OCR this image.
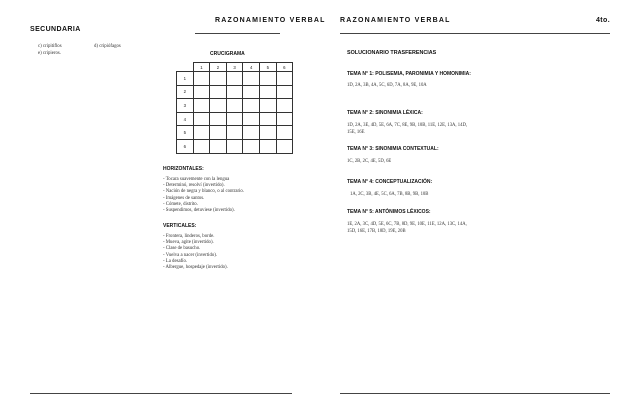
RAZONAMIENTO VERBAL
SECUNDARIA
c) cripitiflos	d) cripiófagos
e) cripieros.	CRUCIGRAMA
	1	2	3	4	5	6
1						
2						
3						
4						
5						
6						
HORIZONTALES:
- Tocara suavemente con la lengua
- Determinó, resolví (invertido).
- Nación de negra y blanco, o al contrario.
- Imágenes de santos.
- Cómete, distrito.
- Suspendimos, detuviese (invertido).
VERTICALES:
- Frontera, linderos, borde.
- Mueva, agite (invertido).
- Clase de basucho.
- Vuelva a nacer (invertido).
- La desafío.
- Albergue, hospedaje (invertido).
RAZONAMIENTO VERBAL	4to.
SOLUCIONARIO TRASFERENCIAS
TEMA N° 1: POLISEMIA, PARONIMIA Y HOMONIMIA:
1D, 2A, 3B, 4A, 5C, 6D, 7A, 8A, 9E, 10A
TEMA N° 2: SINONIMIA LÉXICA:
1D, 2A, 3E, 4D, 5E, 6A, 7C, 8E, 9B, 10B, 11E, 12E, 13A, 14D, 15E, 16E
TEMA N° 3: SINONIMIA CONTEXTUAL:
1C, 2B, 2C, 4E, 5D, 6E
TEMA N° 4: CONCEPTUALIZACIÓN:
1A, 2C, 3B, 4E, 5C, 6A, 7B, 8B, 9B, 10B
TEMA N° 5: ANTÓNIMOS LÉXICOS:
1E, 2A, 3C, 4D, 5E, 6C, 7B, 8D, 9E, 10E, 11E, 12A, 13C, 14A, 15D, 16E, 17B, 18D, 19E, 20B
